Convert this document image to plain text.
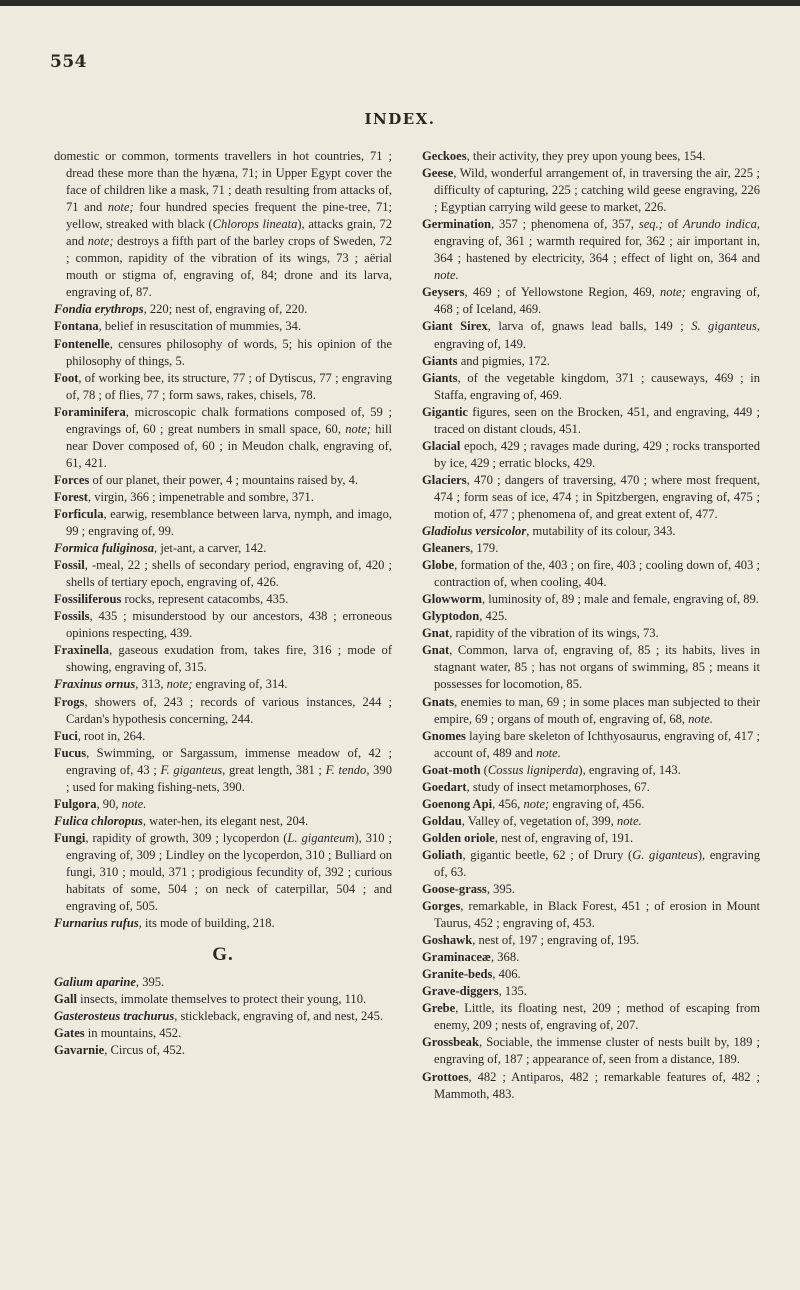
554
INDEX.

domestic or common, torments travellers in hot countries, 71 ; dread these more than the hyæna, 71; in Upper Egypt cover the face of children like a mask, 71 ; death resulting from attacks of, 71 and note; four hundred species frequent the pine-tree, 71; yellow, streaked with black (Chlorops lineata), attacks grain, 72 and note; destroys a fifth part of the barley crops of Sweden, 72 ; common, rapidity of the vibration of its wings, 73 ; aërial mouth or stigma of, engraving of, 84; drone and its larva, engraving of, 87.

Fondia erythrops, 220; nest of, engraving of, 220.

Fontana, belief in resuscitation of mummies, 34.

Fontenelle, censures philosophy of words, 5; his opinion of the philosophy of things, 5.

Foot, of working bee, its structure, 77 ; of Dytiscus, 77 ; engraving of, 78 ; of flies, 77 ; form saws, rakes, chisels, 78.

Foraminifera, microscopic chalk formations composed of, 59 ; engravings of, 60 ; great numbers in small space, 60, note; hill near Dover composed of, 60 ; in Meudon chalk, engraving of, 61, 421.

Forces of our planet, their power, 4 ; mountains raised by, 4.

Forest, virgin, 366 ; impenetrable and sombre, 371.

Forficula, earwig, resemblance between larva, nymph, and imago, 99 ; engraving of, 99.

Formica fuliginosa, jet-ant, a carver, 142.

Fossil, -meal, 22 ; shells of secondary period, engraving of, 420 ; shells of tertiary epoch, engraving of, 426.

Fossiliferous rocks, represent catacombs, 435.

Fossils, 435 ; misunderstood by our ancestors, 438 ; erroneous opinions respecting, 439.

Fraxinella, gaseous exudation from, takes fire, 316 ; mode of showing, engraving of, 315.

Fraxinus ornus, 313, note; engraving of, 314.

Frogs, showers of, 243 ; records of various instances, 244 ; Cardan's hypothesis concerning, 244.

Fuci, root in, 264.

Fucus, Swimming, or Sargassum, immense meadow of, 42 ; engraving of, 43 ; F. giganteus, great length, 381 ; F. tendo, 390 ; used for making fishing-nets, 390.

Fulgora, 90, note.

Fulica chloropus, water-hen, its elegant nest, 204.

Fungi, rapidity of growth, 309 ; lycoperdon (L. giganteum), 310 ; engraving of, 309 ; Lindley on the lycoperdon, 310 ; Bulliard on fungi, 310 ; mould, 371 ; prodigious fecundity of, 392 ; curious habitats of some, 504 ; on neck of caterpillar, 504 ; and engraving of, 505.

Furnarius rufus, its mode of building, 218.

G.

Galium aparine, 395.

Gall insects, immolate themselves to protect their young, 110.

Gasterosteus trachurus, stickleback, engraving of, and nest, 245.

Gates in mountains, 452.

Gavarnie, Circus of, 452.

Geckoes, their activity, they prey upon young bees, 154.

Geese, Wild, wonderful arrangement of, in traversing the air, 225 ; difficulty of capturing, 225 ; catching wild geese engraving, 226 ; Egyptian carrying wild geese to market, 226.

Germination, 357 ; phenomena of, 357, seq.; of Arundo indica, engraving of, 361 ; warmth required for, 362 ; air important in, 364 ; hastened by electricity, 364 ; effect of light on, 364 and note.

Geysers, 469 ; of Yellowstone Region, 469, note; engraving of, 468 ; of Iceland, 469.

Giant Sirex, larva of, gnaws lead balls, 149 ; S. giganteus, engraving of, 149.

Giants and pigmies, 172.

Giants, of the vegetable kingdom, 371 ; causeways, 469 ; in Staffa, engraving of, 469.

Gigantic figures, seen on the Brocken, 451, and engraving, 449 ; traced on distant clouds, 451.

Glacial epoch, 429 ; ravages made during, 429 ; rocks transported by ice, 429 ; erratic blocks, 429.

Glaciers, 470 ; dangers of traversing, 470 ; where most frequent, 474 ; form seas of ice, 474 ; in Spitzbergen, engraving of, 475 ; motion of, 477 ; phenomena of, and great extent of, 477.

Gladiolus versicolor, mutability of its colour, 343.

Gleaners, 179.

Globe, formation of the, 403 ; on fire, 403 ; cooling down of, 403 ; contraction of, when cooling, 404.

Glowworm, luminosity of, 89 ; male and female, engraving of, 89.

Glyptodon, 425.

Gnat, rapidity of the vibration of its wings, 73.

Gnat, Common, larva of, engraving of, 85 ; its habits, lives in stagnant water, 85 ; has not organs of swimming, 85 ; means it possesses for locomotion, 85.

Gnats, enemies to man, 69 ; in some places man subjected to their empire, 69 ; organs of mouth of, engraving of, 68, note.

Gnomes laying bare skeleton of Ichthyosaurus, engraving of, 417 ; account of, 489 and note.

Goat-moth (Cossus ligniperda), engraving of, 143.

Goedart, study of insect metamorphoses, 67.

Goenong Api, 456, note; engraving of, 456.

Goldau, Valley of, vegetation of, 399, note.

Golden oriole, nest of, engraving of, 191.

Goliath, gigantic beetle, 62 ; of Drury (G. giganteus), engraving of, 63.

Goose-grass, 395.

Gorges, remarkable, in Black Forest, 451 ; of erosion in Mount Taurus, 452 ; engraving of, 453.

Goshawk, nest of, 197 ; engraving of, 195.

Graminaceæ, 368.

Granite-beds, 406.

Grave-diggers, 135.

Grebe, Little, its floating nest, 209 ; method of escaping from enemy, 209 ; nests of, engraving of, 207.

Grossbeak, Sociable, the immense cluster of nests built by, 189 ; engraving of, 187 ; appearance of, seen from a distance, 189.

Grottoes, 482 ; Antiparos, 482 ; remarkable features of, 482 ; Mammoth, 483.
